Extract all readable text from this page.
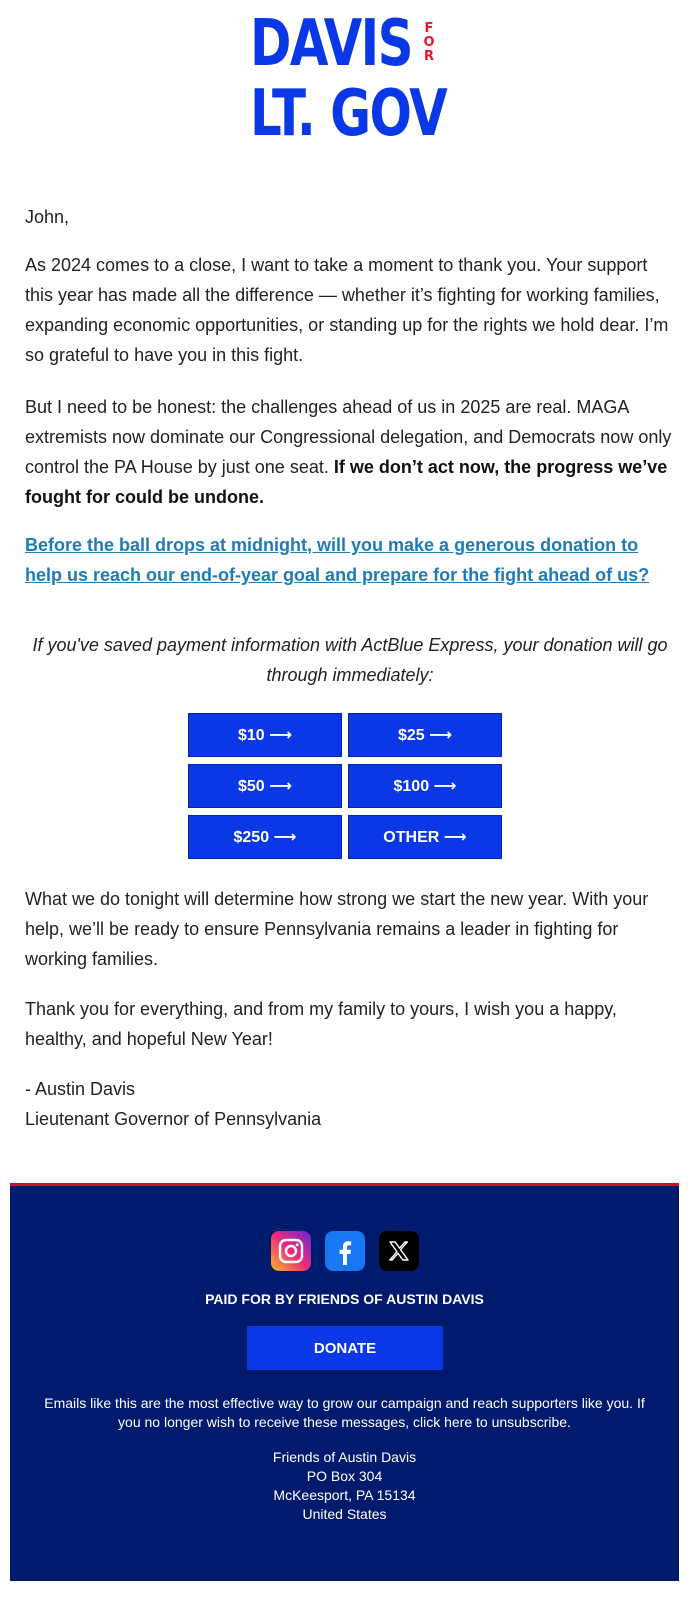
DAVIS F
O
R
LT. GOV
John,
As 2024 comes to a close, I want to take a moment to thank you. Your support this year has made all the difference — whether it’s fighting for working families, expanding economic opportunities, or standing up for the rights we hold dear. I’m so grateful to have you in this fight.
But I need to be honest: the challenges ahead of us in 2025 are real. MAGA extremists now dominate our Congressional delegation, and Democrats now only control the PA House by just one seat. If we don’t act now, the progress we’ve fought for could be undone.
Before the ball drops at midnight, will you make a generous donation to help us reach our end-of-year goal and prepare for the fight ahead of us?
If you've saved payment information with ActBlue Express, your donation will go through immediately:
$10 ⟶	$25 ⟶
$50 ⟶	$100 ⟶
$250 ⟶	OTHER ⟶
What we do tonight will determine how strong we start the new year. With your help, we’ll be ready to ensure Pennsylvania remains a leader in fighting for working families.
Thank you for everything, and from my family to yours, I wish you a happy, healthy, and hopeful New Year!
- Austin Davis
Lieutenant Governor of Pennsylvania
PAID FOR BY FRIENDS OF AUSTIN DAVIS
DONATE
Emails like this are the most effective way to grow our campaign and reach supporters like you. If you no longer wish to receive these messages, click here to unsubscribe.
Friends of Austin Davis
PO Box 304
McKeesport, PA 15134
United States
